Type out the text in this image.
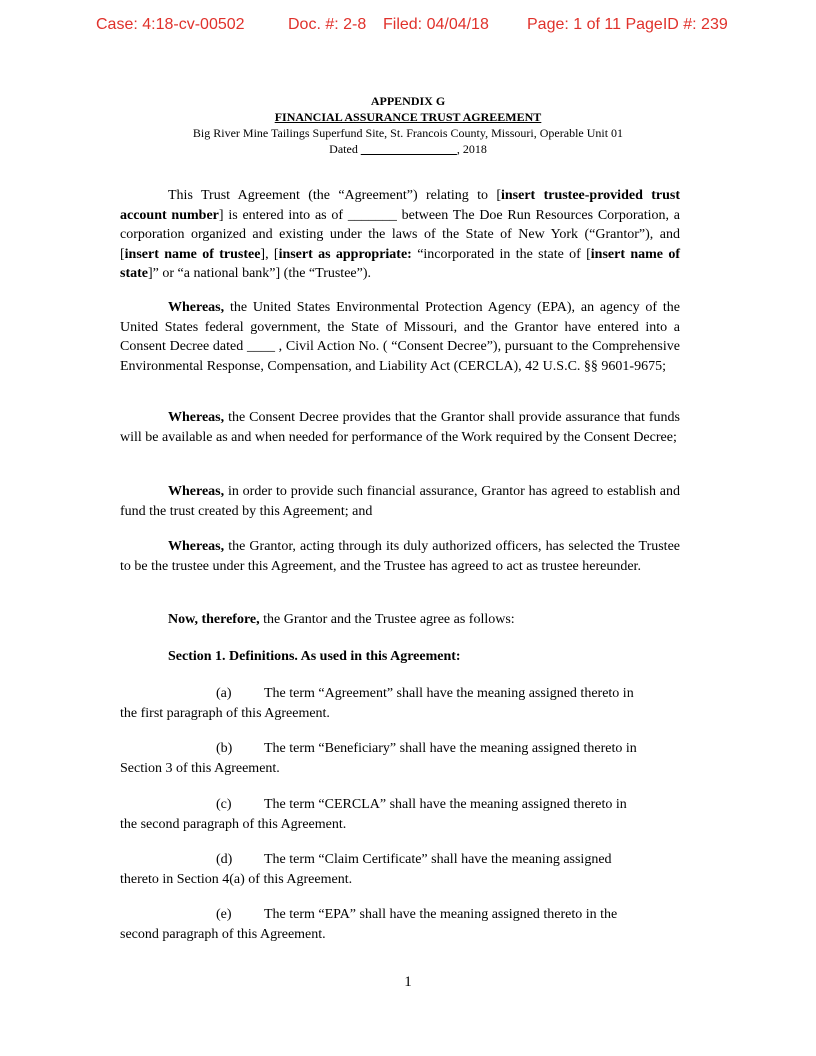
Case: 4:18-cv-00502	Doc. #: 2-8 Filed: 04/04/18 Page: 1 of 11 PageID #: 239
APPENDIX G
FINANCIAL ASSURANCE TRUST AGREEMENT
Big River Mine Tailings Superfund Site, St. Francois County, Missouri, Operable Unit 01
Dated ________________, 2018

This Trust Agreement (the “Agreement”) relating to [insert trustee-provided trust account number] is entered into as of _______ between The Doe Run Resources Corporation, a corporation organized and existing under the laws of the State of New York (“Grantor”), and [insert name of trustee], [insert as appropriate: “incorporated in the state of [insert name of state]” or “a national bank”] (the “Trustee”).

Whereas, the United States Environmental Protection Agency (EPA), an agency of the United States federal government, the State of Missouri, and the Grantor have entered into a Consent Decree dated ____ , Civil Action No. ( “Consent Decree”), pursuant to the Comprehensive Environmental Response, Compensation, and Liability Act (CERCLA), 42 U.S.C. §§ 9601-9675;

Whereas, the Consent Decree provides that the Grantor shall provide assurance that funds will be available as and when needed for performance of the Work required by the Consent Decree;

Whereas, in order to provide such financial assurance, Grantor has agreed to establish and fund the trust created by this Agreement; and

Whereas, the Grantor, acting through its duly authorized officers, has selected the Trustee to be the trustee under this Agreement, and the Trustee has agreed to act as trustee hereunder.

Now, therefore, the Grantor and the Trustee agree as follows:

Section 1. Definitions. As used in this Agreement:

(a) The term “Agreement” shall have the meaning assigned thereto in
the first paragraph of this Agreement.
(b) The term “Beneficiary” shall have the meaning assigned thereto in
Section 3 of this Agreement.
(c) The term “CERCLA” shall have the meaning assigned thereto in
the second paragraph of this Agreement.
(d) The term “Claim Certificate” shall have the meaning assigned
thereto in Section 4(a) of this Agreement.
(e) The term “EPA” shall have the meaning assigned thereto in the
second paragraph of this Agreement.
1
